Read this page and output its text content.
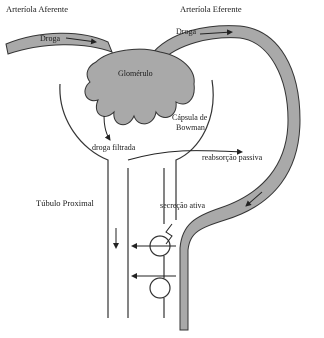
Arteríola Aferente	Arteríola Eferente
Droga
Droga
Glomérulo
Cápsula de
Bowman
droga filtrada
reabsorção passiva
Túbulo Proximal	secreção ativa
